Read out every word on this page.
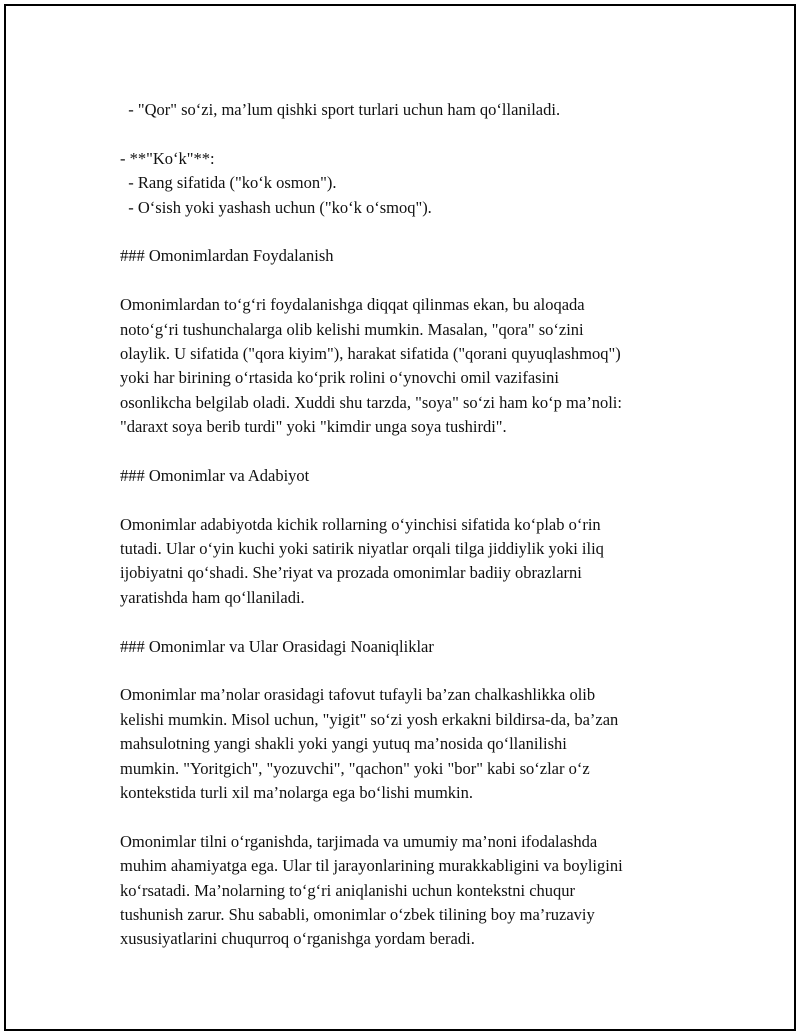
- "Qor" so‘zi, ma’lum qishki sport turlari uchun ham qo‘llaniladi.
- **"Ko‘k"**:
- Rang sifatida ("ko‘k osmon").
- O‘sish yoki yashash uchun ("ko‘k o‘smoq").
### Omonimlardan Foydalanish
Omonimlardan to‘g‘ri foydalanishga diqqat qilinmas ekan, bu aloqada
noto‘g‘ri tushunchalarga olib kelishi mumkin. Masalan, "qora" so‘zini
olaylik. U sifatida ("qora kiyim"), harakat sifatida ("qorani quyuqlashmoq")
yoki har birining o‘rtasida ko‘prik rolini o‘ynovchi omil vazifasini
osonlikcha belgilab oladi. Xuddi shu tarzda, "soya" so‘zi ham ko‘p ma’noli:
"daraxt soya berib turdi" yoki "kimdir unga soya tushirdi".
### Omonimlar va Adabiyot
Omonimlar adabiyotda kichik rollarning o‘yinchisi sifatida ko‘plab o‘rin
tutadi. Ular o‘yin kuchi yoki satirik niyatlar orqali tilga jiddiylik yoki iliq
ijobiyatni qo‘shadi. She’riyat va prozada omonimlar badiiy obrazlarni
yaratishda ham qo‘llaniladi.
### Omonimlar va Ular Orasidagi Noaniqliklar
Omonimlar ma’nolar orasidagi tafovut tufayli ba’zan chalkashlikka olib
kelishi mumkin. Misol uchun, "yigit" so‘zi yosh erkakni bildirsa-da, ba’zan
mahsulotning yangi shakli yoki yangi yutuq ma’nosida qo‘llanilishi
mumkin. "Yoritgich", "yozuvchi", "qachon" yoki "bor" kabi so‘zlar o‘z
kontekstida turli xil ma’nolarga ega bo‘lishi mumkin.
Omonimlar tilni o‘rganishda, tarjimada va umumiy ma’noni ifodalashda
muhim ahamiyatga ega. Ular til jarayonlarining murakkabligini va boyligini
ko‘rsatadi. Ma’nolarning to‘g‘ri aniqlanishi uchun kontekstni chuqur
tushunish zarur. Shu sababli, omonimlar o‘zbek tilining boy ma’ruzaviy
xususiyatlarini chuqurroq o‘rganishga yordam beradi.
